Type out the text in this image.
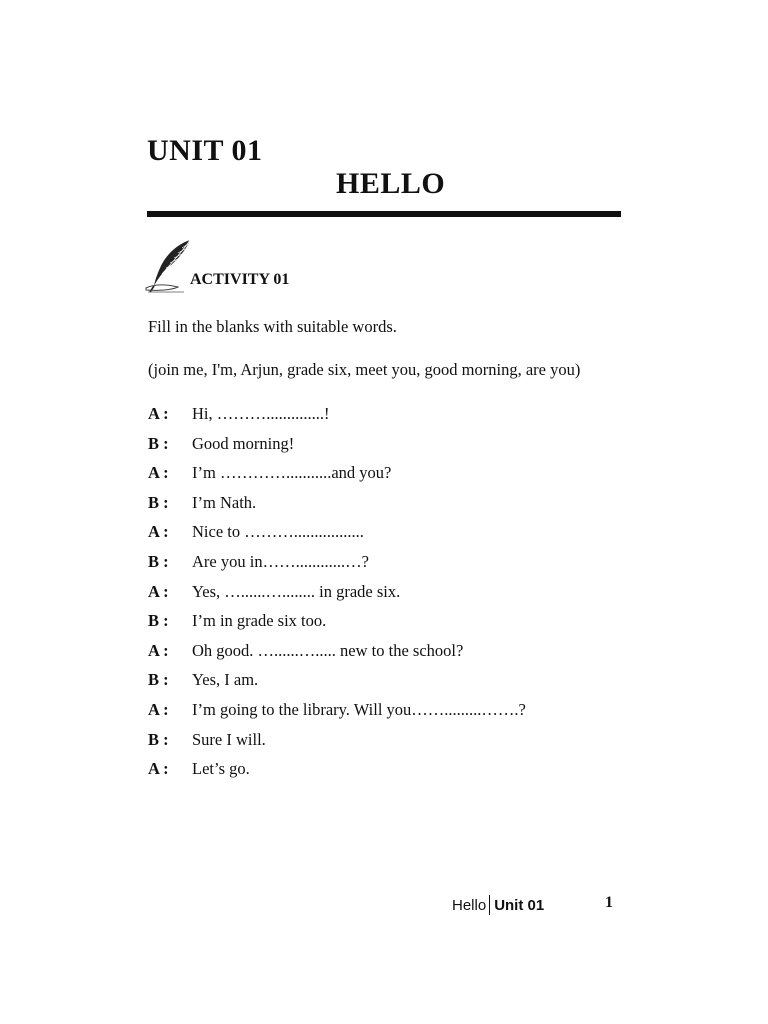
UNIT 01
HELLO
ACTIVITY 01
Fill in the blanks with suitable words.
(join me, I'm, Arjun, grade six, meet you, good morning, are you)
A :	Hi, ………..............!
B :	Good morning!
A :	I’m …………...........and you?
B :	I’m Nath.
A :	Nice to ……….................
B :	Are you in……............…?
A :	Yes, …......…........ in grade six.
B :	I’m in grade six too.
A :	Oh good. …......…..... new to the school?
B :	Yes, I am.
A :	I’m going to the library. Will you…….........…….?
B :	Sure I will.
A :	Let’s go.
Hello Unit 01	1
